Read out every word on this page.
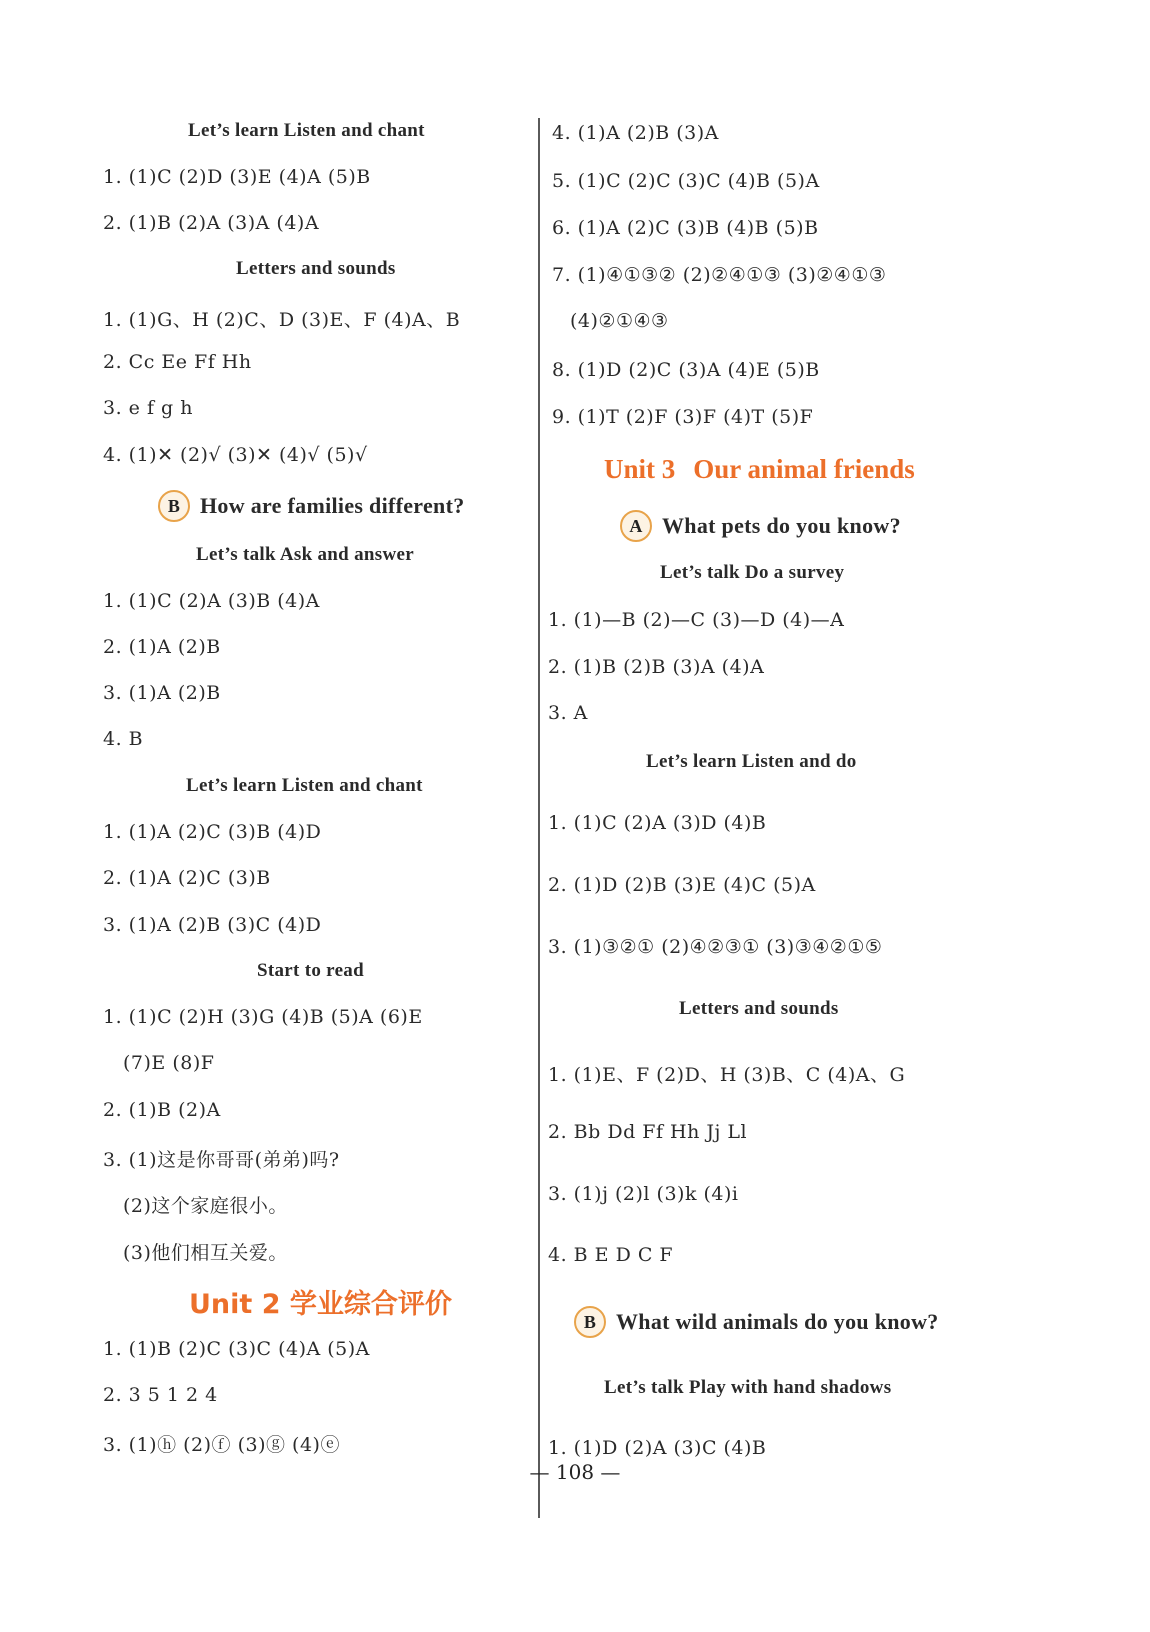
Let’s learn Listen and chant
1. (1)C (2)D (3)E (4)A (5)B
2. (1)B (2)A (3)A (4)A
Letters and sounds
1. (1)G、H (2)C、D (3)E、F (4)A、B
2. Cc Ee Ff Hh
3. e f g h
4. (1)✕ (2)√ (3)✕ (4)√ (5)√
B How are families different?
Let’s talk Ask and answer
1. (1)C (2)A (3)B (4)A
2. (1)A (2)B
3. (1)A (2)B
4. B
Let’s learn Listen and chant
1. (1)A (2)C (3)B (4)D
2. (1)A (2)C (3)B
3. (1)A (2)B (3)C (4)D
Start to read
1. (1)C (2)H (3)G (4)B (5)A (6)E
(7)E (8)F
2. (1)B (2)A
3. (1)这是你哥哥(弟弟)吗?
(2)这个家庭很小。
(3)他们相互关爱。
Unit 2 学业综合评价
1. (1)B (2)C (3)C (4)A (5)A
2. 3 5 1 2 4
3. (1)ⓗ (2)ⓕ (3)ⓖ (4)ⓔ
4. (1)A (2)B (3)A
5. (1)C (2)C (3)C (4)B (5)A
6. (1)A (2)C (3)B (4)B (5)B
7. (1)④①③② (2)②④①③ (3)②④①③
(4)②①④③
8. (1)D (2)C (3)A (4)E (5)B
9. (1)T (2)F (3)F (4)T (5)F
Unit 3 Our animal friends
A What pets do you know?
Let’s talk Do a survey
1. (1)—B (2)—C (3)—D (4)—A
2. (1)B (2)B (3)A (4)A
3. A
Let’s learn Listen and do
1. (1)C (2)A (3)D (4)B
2. (1)D (2)B (3)E (4)C (5)A
3. (1)③②① (2)④②③① (3)③④②①⑤
Letters and sounds
1. (1)E、F (2)D、H (3)B、C (4)A、G
2. Bb Dd Ff Hh Jj Ll
3. (1)j (2)l (3)k (4)i
4. B E D C F
B What wild animals do you know?
Let’s talk Play with hand shadows
1. (1)D (2)A (3)C (4)B
— 108 —
